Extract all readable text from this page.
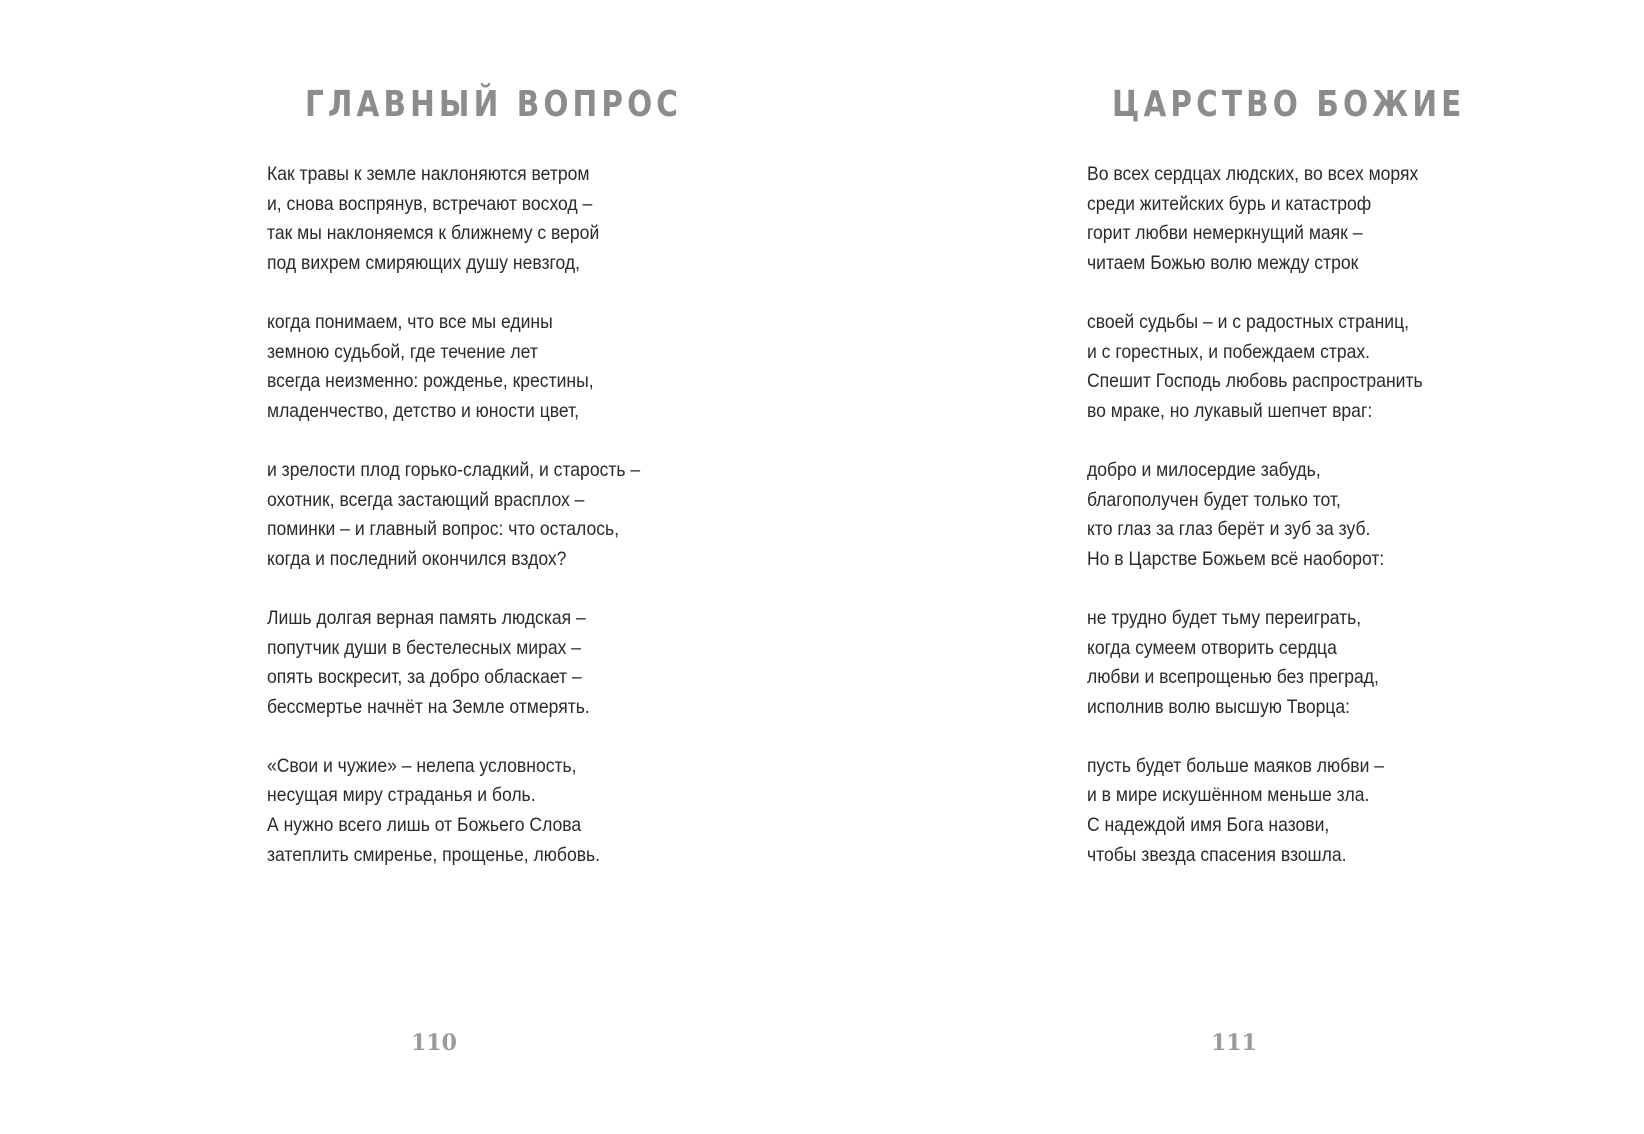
ГЛАВНЫЙ ВОПРОС
Как травы к земле наклоняются ветром
и, снова воспрянув, встречают восход –
так мы наклоняемся к ближнему с верой
под вихрем смиряющих душу невзгод,
когда понимаем, что все мы едины
земною судьбой, где течение лет
всегда неизменно: рожденье, крестины,
младенчество, детство и юности цвет,
и зрелости плод горько-сладкий, и старость –
охотник, всегда застающий врасплох –
поминки – и главный вопрос: что осталось,
когда и последний окончился вздох?
Лишь долгая верная память людская –
попутчик души в бестелесных мирах –
опять воскресит, за добро обласкает –
бессмертье начнёт на Земле отмерять.
«Свои и чужие» – нелепа условность,
несущая миру страданья и боль.
А нужно всего лишь от Божьего Слова
затеплить смиренье, прощенье, любовь.
110
ЦАРСТВО БОЖИЕ
Во всех сердцах людских, во всех морях
среди житейских бурь и катастроф
горит любви немеркнущий маяк –
читаем Божью волю между строк
своей судьбы – и с радостных страниц,
и с горестных, и побеждаем страх.
Спешит Господь любовь распространить
во мраке, но лукавый шепчет враг:
добро и милосердие забудь,
благополучен будет только тот,
кто глаз за глаз берёт и зуб за зуб.
Но в Царстве Божьем всё наоборот:
не трудно будет тьму переиграть,
когда сумеем отворить сердца
любви и всепрощенью без преград,
исполнив волю высшую Творца:
пусть будет больше маяков любви –
и в мире искушённом меньше зла.
С надеждой имя Бога назови,
чтобы звезда спасения взошла.
111
